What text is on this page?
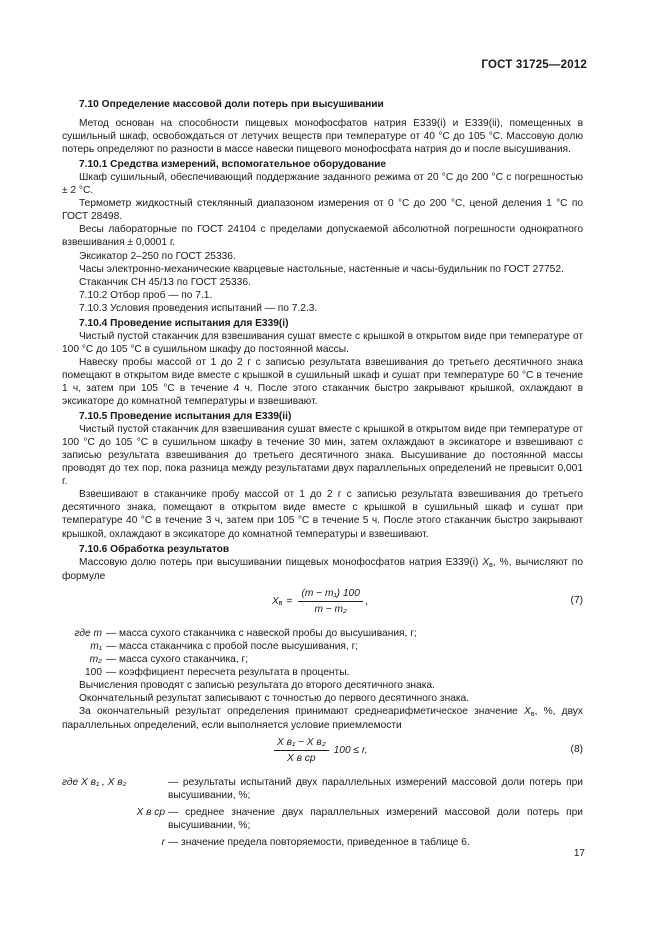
ГОСТ 31725—2012

7.10 Определение массовой доли потерь при высушивании

Метод основан на способности пищевых монофосфатов натрия Е339(i) и Е339(ii), помещенных в сушильный шкаф, освобождаться от летучих веществ при температуре от 40 °С до 105 °С. Массовую долю потерь определяют по разности в массе навески пищевого монофосфата натрия до и после высушивания.

7.10.1 Средства измерений, вспомогательное оборудование

Шкаф сушильный, обеспечивающий поддержание заданного режима от 20 °С до 200 °С с погрешностью ± 2 °С.

Термометр жидкостный стеклянный диапазоном измерения от 0 °С до 200 °С, ценой деления 1 °С по ГОСТ 28498.

Весы лабораторные по ГОСТ 24104 с пределами допускаемой абсолютной погрешности однократного взвешивания ± 0,0001 г.

Эксикатор 2–250 по ГОСТ 25336.

Часы электронно-механические кварцевые настольные, настенные и часы-будильник по ГОСТ 27752.

Стаканчик СН 45/13 по ГОСТ 25336.

7.10.2 Отбор проб — по 7.1.

7.10.3 Условия проведения испытаний — по 7.2.3.

7.10.4 Проведение испытания для Е339(i)

Чистый пустой стаканчик для взвешивания сушат вместе с крышкой в открытом виде при температуре от 100 °С до 105 °С в сушильном шкафу до постоянной массы.

Навеску пробы массой от 1 до 2 г с записью результата взвешивания до третьего десятичного знака помещают в открытом виде вместе с крышкой в сушильный шкаф и сушат при температуре 60 °С в течение 1 ч, затем при 105 °С в течение 4 ч. После этого стаканчик быстро закрывают крышкой, охлаждают в эксикаторе до комнатной температуры и взвешивают.

7.10.5 Проведение испытания для Е339(ii)

Чистый пустой стаканчик для взвешивания сушат вместе с крышкой в открытом виде при температуре от 100 °С до 105 °С в сушильном шкафу в течение 30 мин, затем охлаждают в эксикаторе и взвешивают с записью результата взвешивания до третьего десятичного знака. Высушивание до постоянной массы проводят до тех пор, пока разница между результатами двух параллельных определений не превысит 0,001 г.

Взвешивают в стаканчике пробу массой от 1 до 2 г с записью результата взвешивания до третьего десятичного знака, помещают в открытом виде вместе с крышкой в сушильный шкаф и сушат при температуре 40 °С в течение 3 ч, затем при 105 °С в течение 5 ч. После этого стаканчик быстро закрывают крышкой, охлаждают в эксикаторе до комнатной температуры и взвешивают.

7.10.6 Обработка результатов

Массовую долю потерь при высушивании пищевых монофосфатов натрия Е339(i) Xв, %, вычисляют по формуле

X $в = \frac{\text{(m − m₁) 100}}{\text{m − m₂}}$ ,	(7)
где m — масса сухого стаканчика с навеской пробы до высушивания, г;
m₁ — масса стаканчика с пробой после высушивания, г;
m₂ — масса сухого стаканчика, г;
100 — коэффициент пересчета результата в проценты.

Вычисления проводят с записью результата до второго десятичного знака.

Окончательный результат записывают с точностью до первого десятичного знака.

За окончательный результат определения принимают среднеарифметическое значение Xв, %, двух параллельных определений, если выполняется условие приемлемости

$\frac{\text{X в₁ − X в₂}}{\text{X в ср}} 100 \le r$,	(8)
где X в₁ , X в₂	— результаты испытаний двух параллельных измерений массовой доли потерь при высушивании, %;
X в ср — среднее значение двух параллельных измерений массовой доли потерь при высушивании, %;
r — значение предела повторяемости, приведенное в таблице 6.
17
